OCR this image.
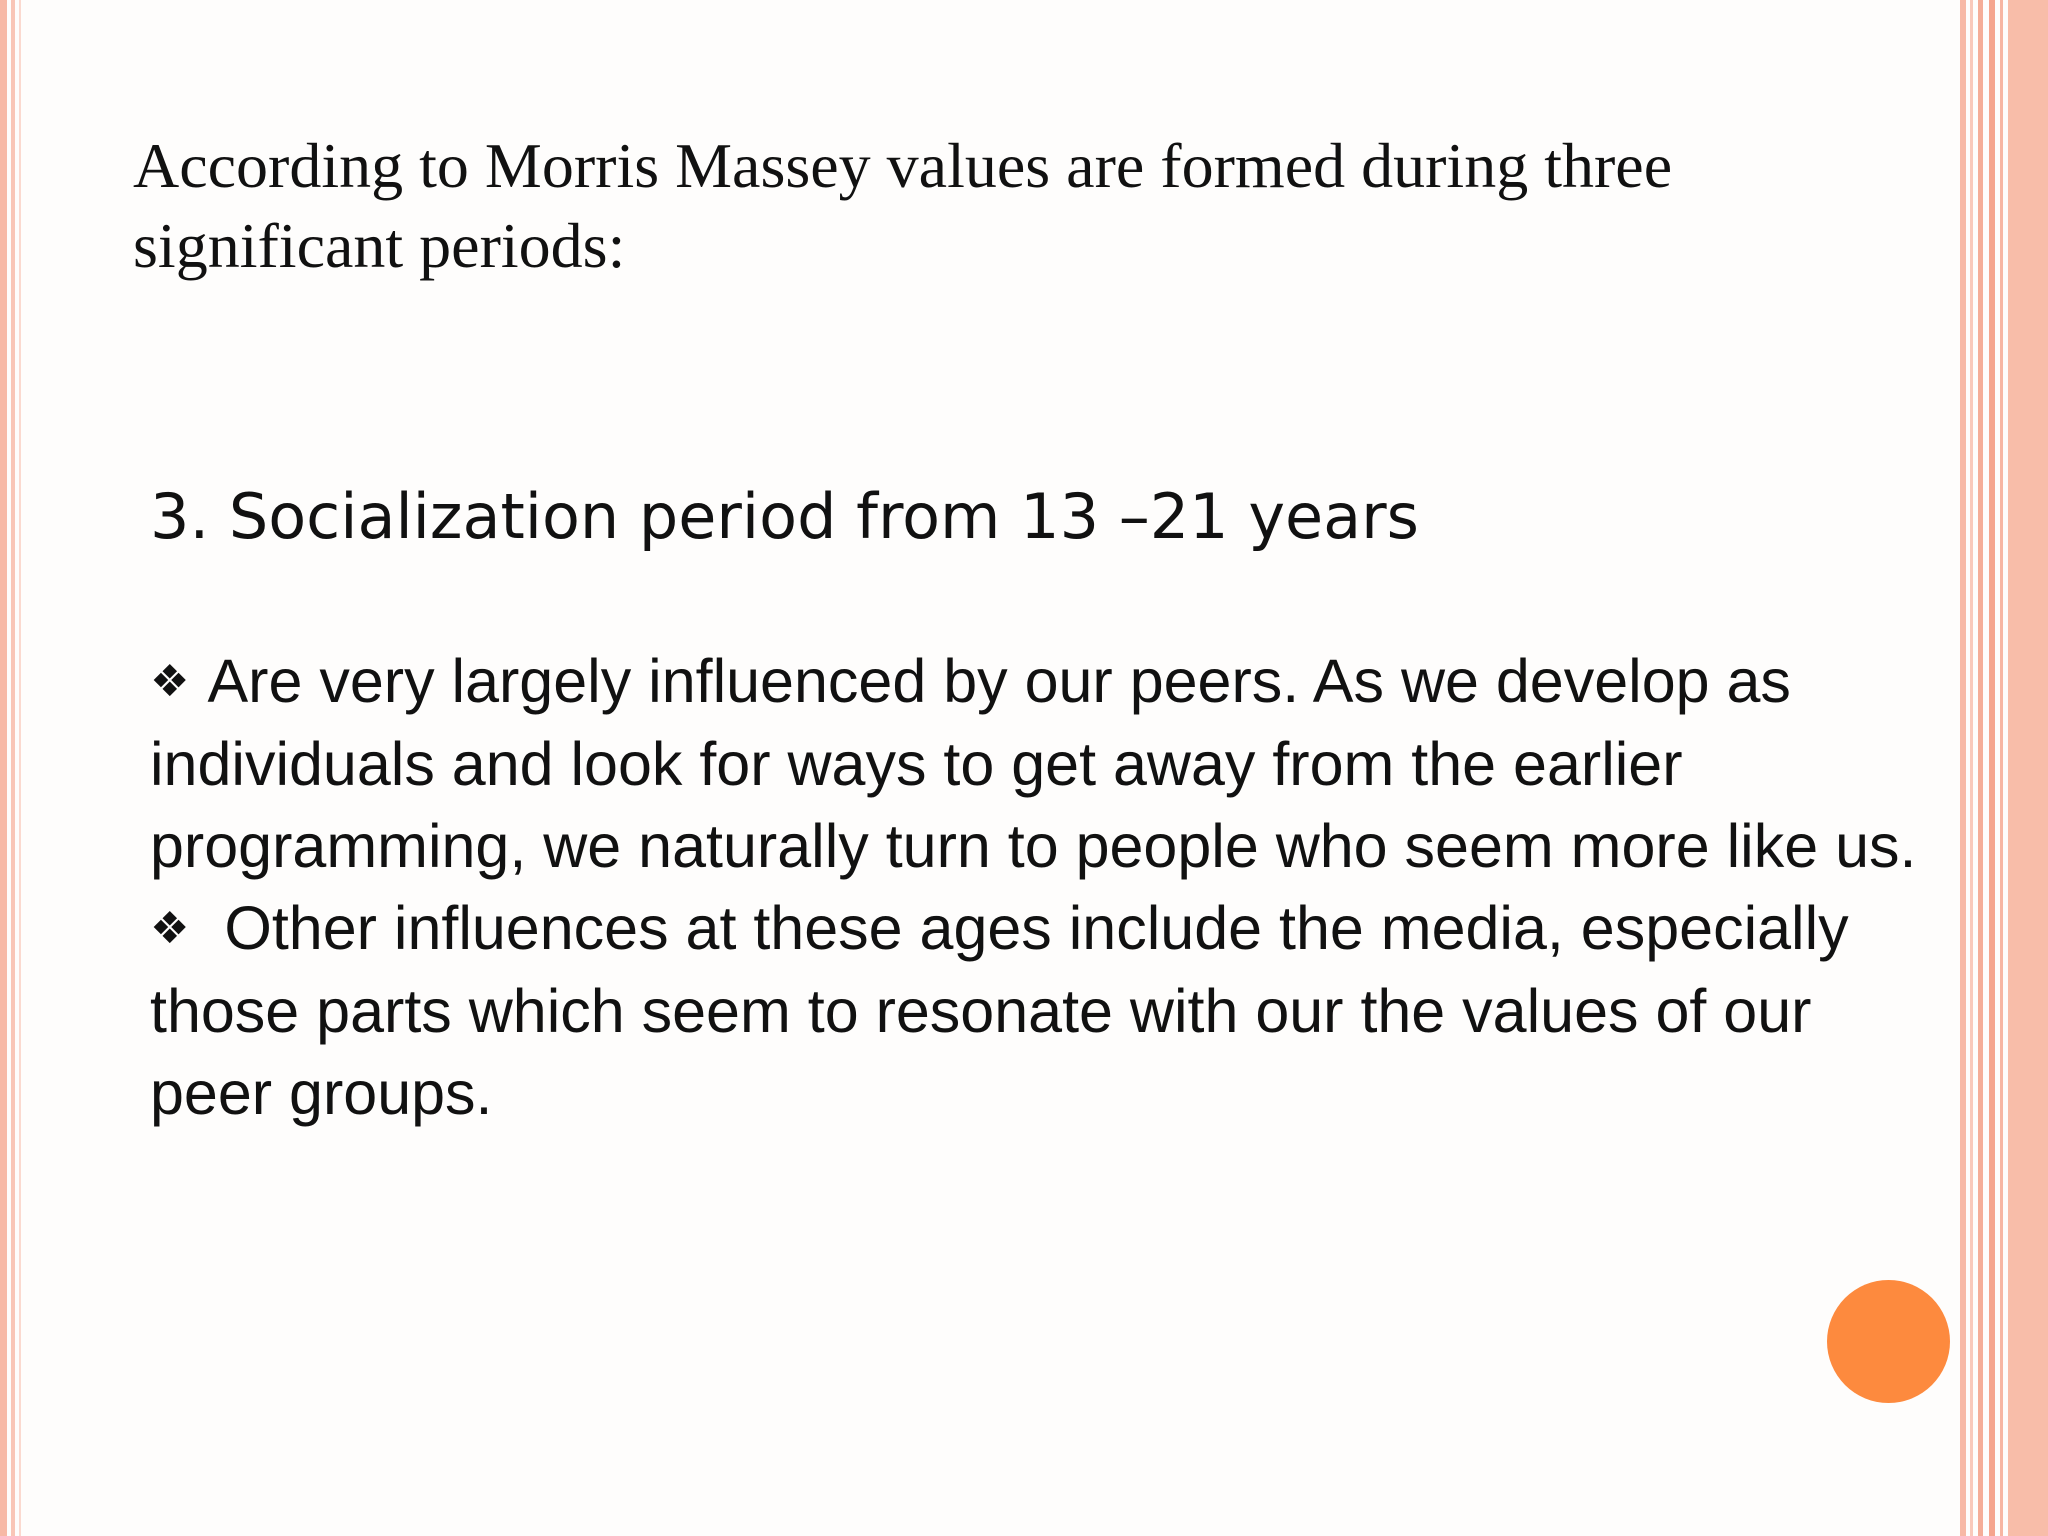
According to Morris Massey values are formed during three significant periods:
3. Socialization period from 13 –21 years

❖ Are very largely influenced by our peers. As we develop as individuals and look for ways to get away from the earlier programming, we naturally turn to people who seem more like us.

❖ Other influences at these ages include the media, especially those parts which seem to resonate with our the values of our peer groups.
